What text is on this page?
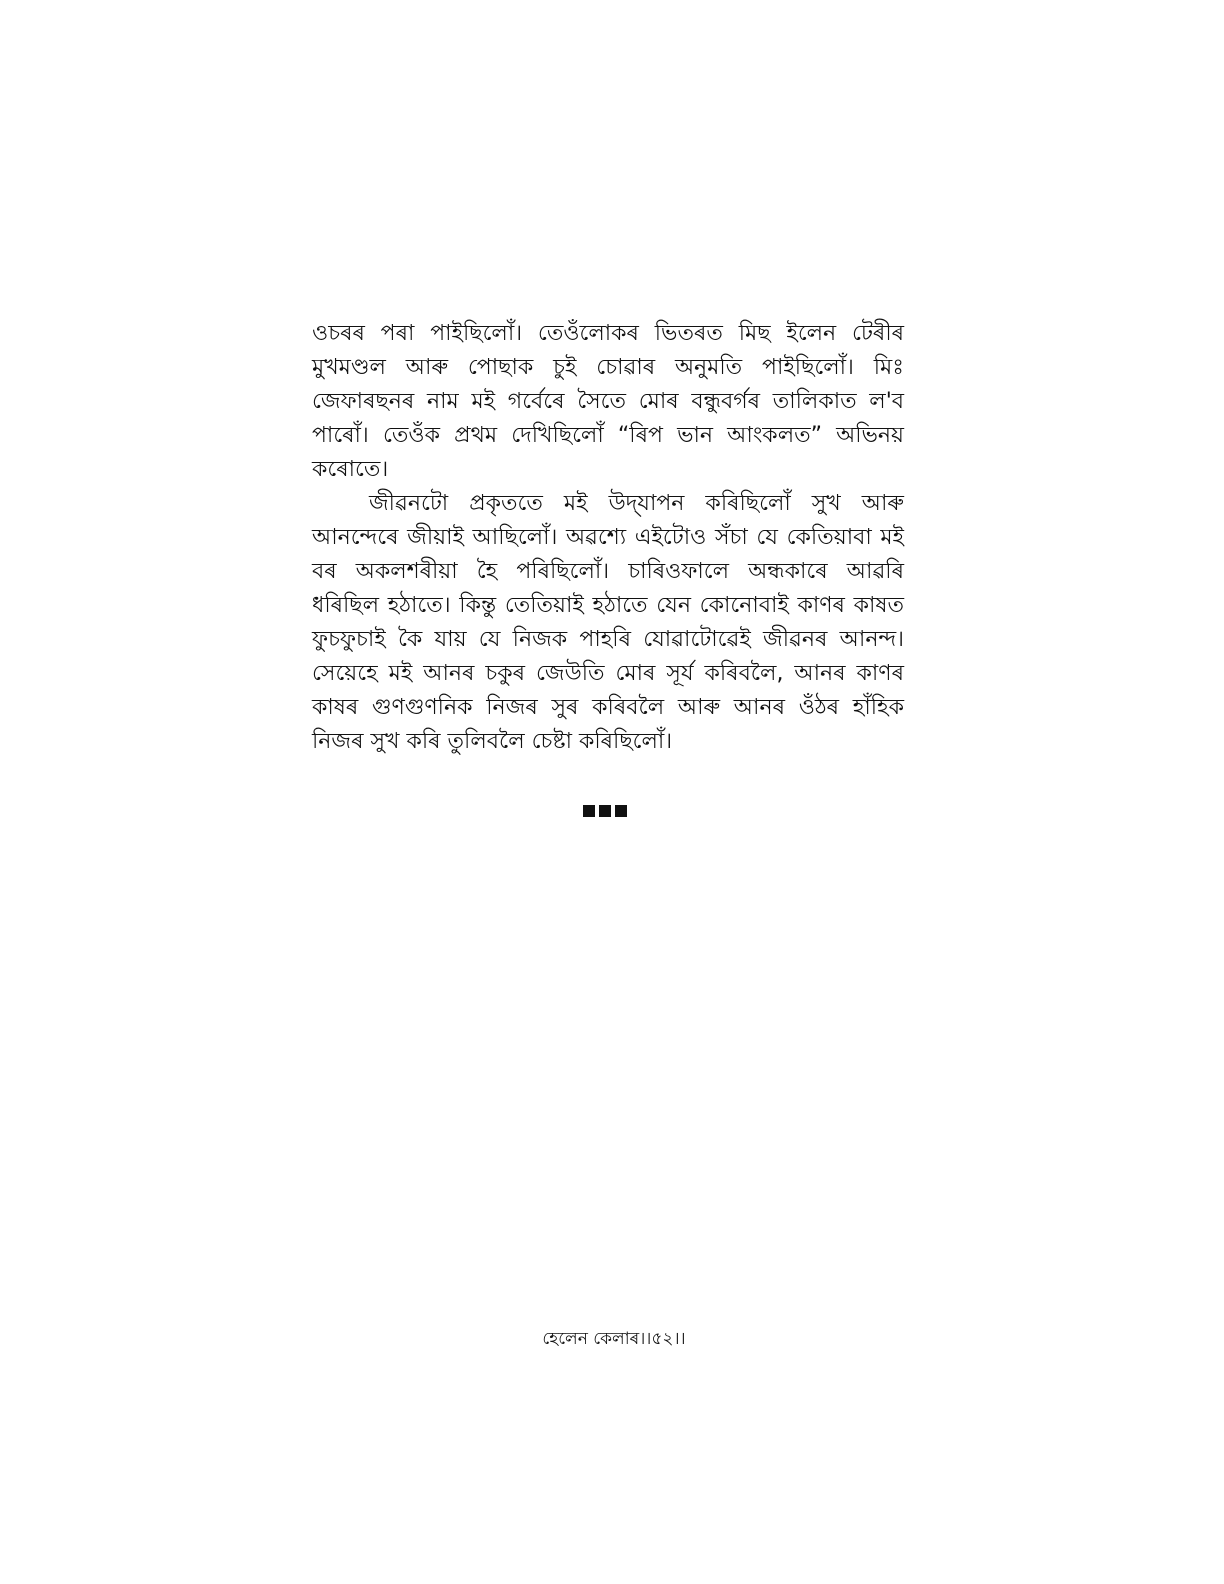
ওচৰৰ পৰা পাইছিলোঁ। তেওঁলোকৰ ভিতৰত মিছ ইলেন টেৰীৰ মুখমণ্ডল আৰু পোছাক চুই চোৱাৰ অনুমতি পাইছিলোঁ। মিঃ জেফাৰছনৰ নাম মই গৰ্বেৰে সৈতে মোৰ বন্ধুবৰ্গৰ তালিকাত ল'ব পাৰোঁ। তেওঁক প্ৰথম দেখিছিলোঁ “ৰিপ ভান আংকলত” অভিনয় কৰোতে।

জীৱনটো প্ৰকৃততে মই উদ্‌যাপন কৰিছিলোঁ সুখ আৰু আনন্দেৰে জীয়াই আছিলোঁ। অৱশ্যে এইটোও সঁচা যে কেতিয়াবা মই বৰ অকলশৰীয়া হৈ পৰিছিলোঁ। চাৰিওফালে অন্ধকাৰে আৱৰি ধৰিছিল হঠাতে। কিন্তু তেতিয়াই হঠাতে যেন কোনোবাই কাণৰ কাষত ফুচফুচাই কৈ যায় যে নিজক পাহৰি যোৱাটোৱেই জীৱনৰ আনন্দ। সেয়েহে মই আনৰ চকুৰ জেউতি মোৰ সূৰ্য কৰিবলৈ, আনৰ কাণৰ কাষৰ গুণগুণনিক নিজৰ সুৰ কৰিবলৈ আৰু আনৰ ওঁঠৰ হাঁহিক নিজৰ সুখ কৰি তুলিবলৈ চেষ্টা কৰিছিলোঁ।

হেলেন কেলাৰ।।৫২।।
